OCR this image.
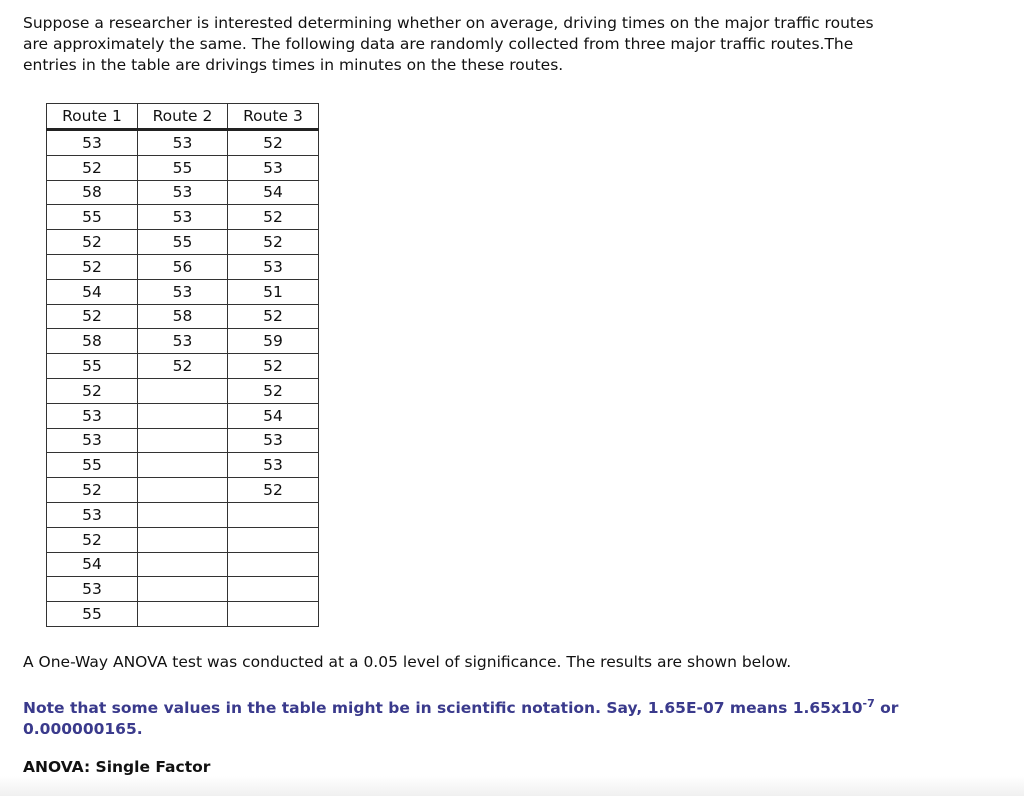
Suppose a researcher is interested determining whether on average, driving times on the major traffic routes are approximately the same. The following data are randomly collected from three major traffic routes.The entries in the table are drivings times in minutes on the these routes.

Route 1	Route 2	Route 3
53	53	52
52	55	53
58	53	54
55	53	52
52	55	52
52	56	53
54	53	51
52	58	52
58	53	59
55	52	52
52		52
53		54
53		53
55		53
52		52
53		
52		
54		
53		
55		

A One-Way ANOVA test was conducted at a 0.05 level of significance. The results are shown below.

Note that some values in the table might be in scientific notation. Say, 1.65E-07 means $1.65x10^{-7}$ or
0.000000165.

ANOVA: Single Factor
